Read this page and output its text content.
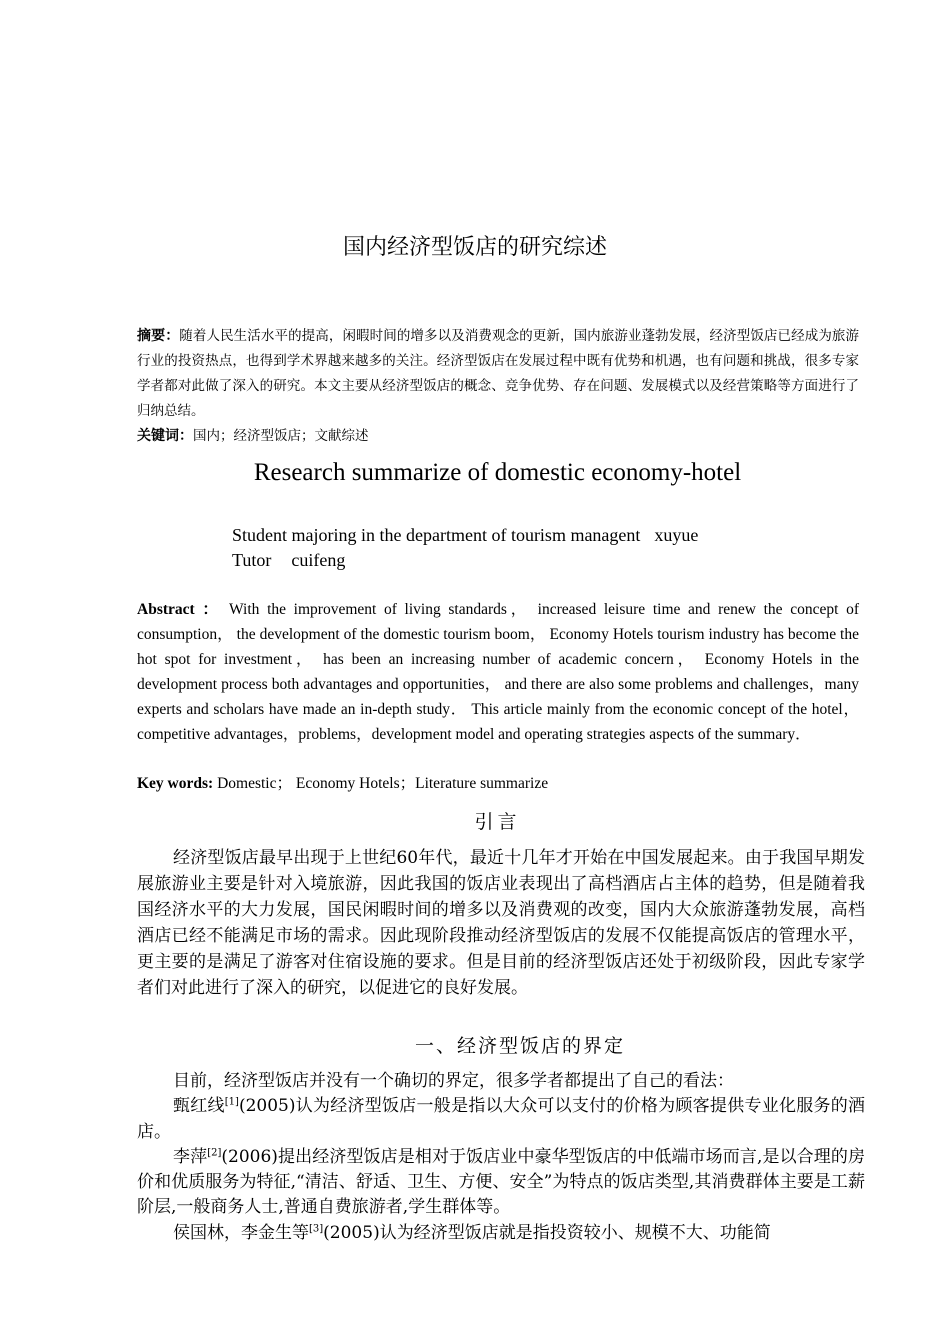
国内经济型饭店的研究综述
摘要：随着人民生活水平的提高，闲暇时间的增多以及消费观念的更新，国内旅游业蓬勃发展，经济型饭店已经成为旅游行业的投资热点，也得到学术界越来越多的关注。经济型饭店在发展过程中既有优势和机遇，也有问题和挑战，很多专家学者都对此做了深入的研究。本文主要从经济型饭店的概念、竞争优势、存在问题、发展模式以及经营策略等方面进行了归纳总结。
关键词：国内；经济型饭店；文献综述
Research summarize of domestic economy-hotel
Student majoring in the department of tourism managent xuyue
Tutor cuifeng
Abstract ： With the improvement of living standards， increased leisure time and renew the concept of consumption， the development of the domestic tourism boom， Economy Hotels tourism industry has become the hot spot for investment， has been an increasing number of academic concern， Economy Hotels in the development process both advantages and opportunities， and there are also some problems and challenges，many experts and scholars have made an in-depth study． This article mainly from the economic concept of the hotel，competitive advantages，problems，development model and operating strategies aspects of the summary．
Key words: Domestic； Economy Hotels；Literature summarize
引言
经济型饭店最早出现于上世纪60年代，最近十几年才开始在中国发展起来。由于我国早期发展旅游业主要是针对入境旅游，因此我国的饭店业表现出了高档酒店占主体的趋势，但是随着我国经济水平的大力发展，国民闲暇时间的增多以及消费观的改变，国内大众旅游蓬勃发展，高档酒店已经不能满足市场的需求。因此现阶段推动经济型饭店的发展不仅能提高饭店的管理水平，更主要的是满足了游客对住宿设施的要求。但是目前的经济型饭店还处于初级阶段，因此专家学者们对此进行了深入的研究，以促进它的良好发展。
一、经济型饭店的界定

目前，经济型饭店并没有一个确切的界定，很多学者都提出了自己的看法：

甄红线[1](2005)认为经济型饭店一般是指以大众可以支付的价格为顾客提供专业化服务的酒店。

李萍[2](2006)提出经济型饭店是相对于饭店业中豪华型饭店的中低端市场而言,是以合理的房价和优质服务为特征,“清洁、舒适、卫生、方便、安全”为特点的饭店类型,其消费群体主要是工薪阶层,一般商务人士,普通自费旅游者,学生群体等。

侯国林，李金生等[3](2005)认为经济型饭店就是指投资较小、规模不大、功能简
